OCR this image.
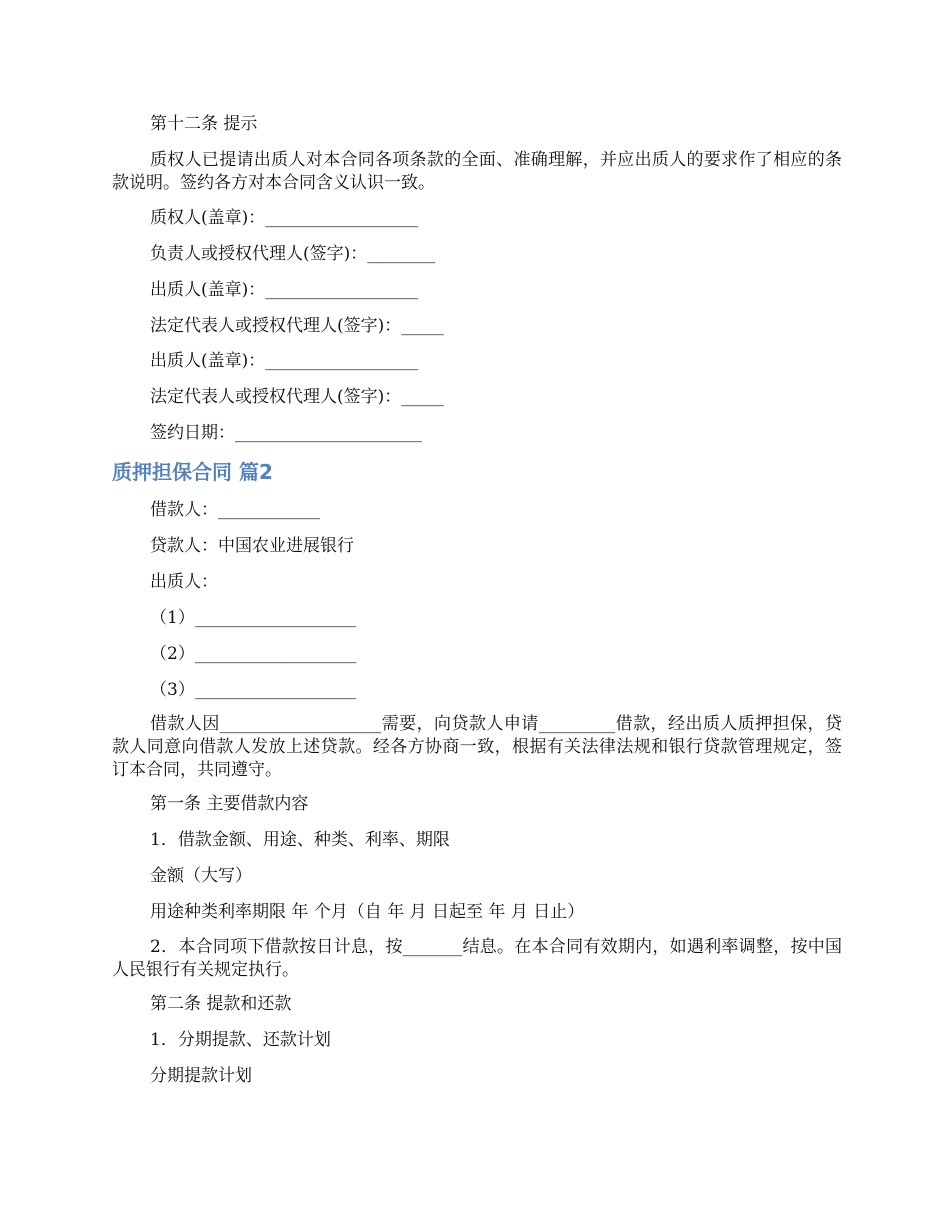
第十二条 提示
质权人已提请出质人对本合同各项条款的全面、准确理解，并应出质人的要求作了相应的条款说明。签约各方对本合同含义认识一致。
质权人(盖章)：__________________
负责人或授权代理人(签字)：________
出质人(盖章)：__________________
法定代表人或授权代理人(签字)：_____
出质人(盖章)：__________________
法定代表人或授权代理人(签字)：_____
签约日期：______________________
质押担保合同 篇2
借款人：____________
贷款人：中国农业进展银行
出质人：
（1）___________________
（2）___________________
（3）___________________
借款人因___________________需要，向贷款人申请_________借款，经出质人质押担保，贷款人同意向借款人发放上述贷款。经各方协商一致，根据有关法律法规和银行贷款管理规定，签订本合同，共同遵守。
第一条 主要借款内容
1．借款金额、用途、种类、利率、期限
金额（大写）
用途种类利率期限 年 个月（自 年 月 日起至 年 月 日止）
2．本合同项下借款按日计息，按_______结息。在本合同有效期内，如遇利率调整，按中国人民银行有关规定执行。
第二条 提款和还款
1．分期提款、还款计划
分期提款计划
